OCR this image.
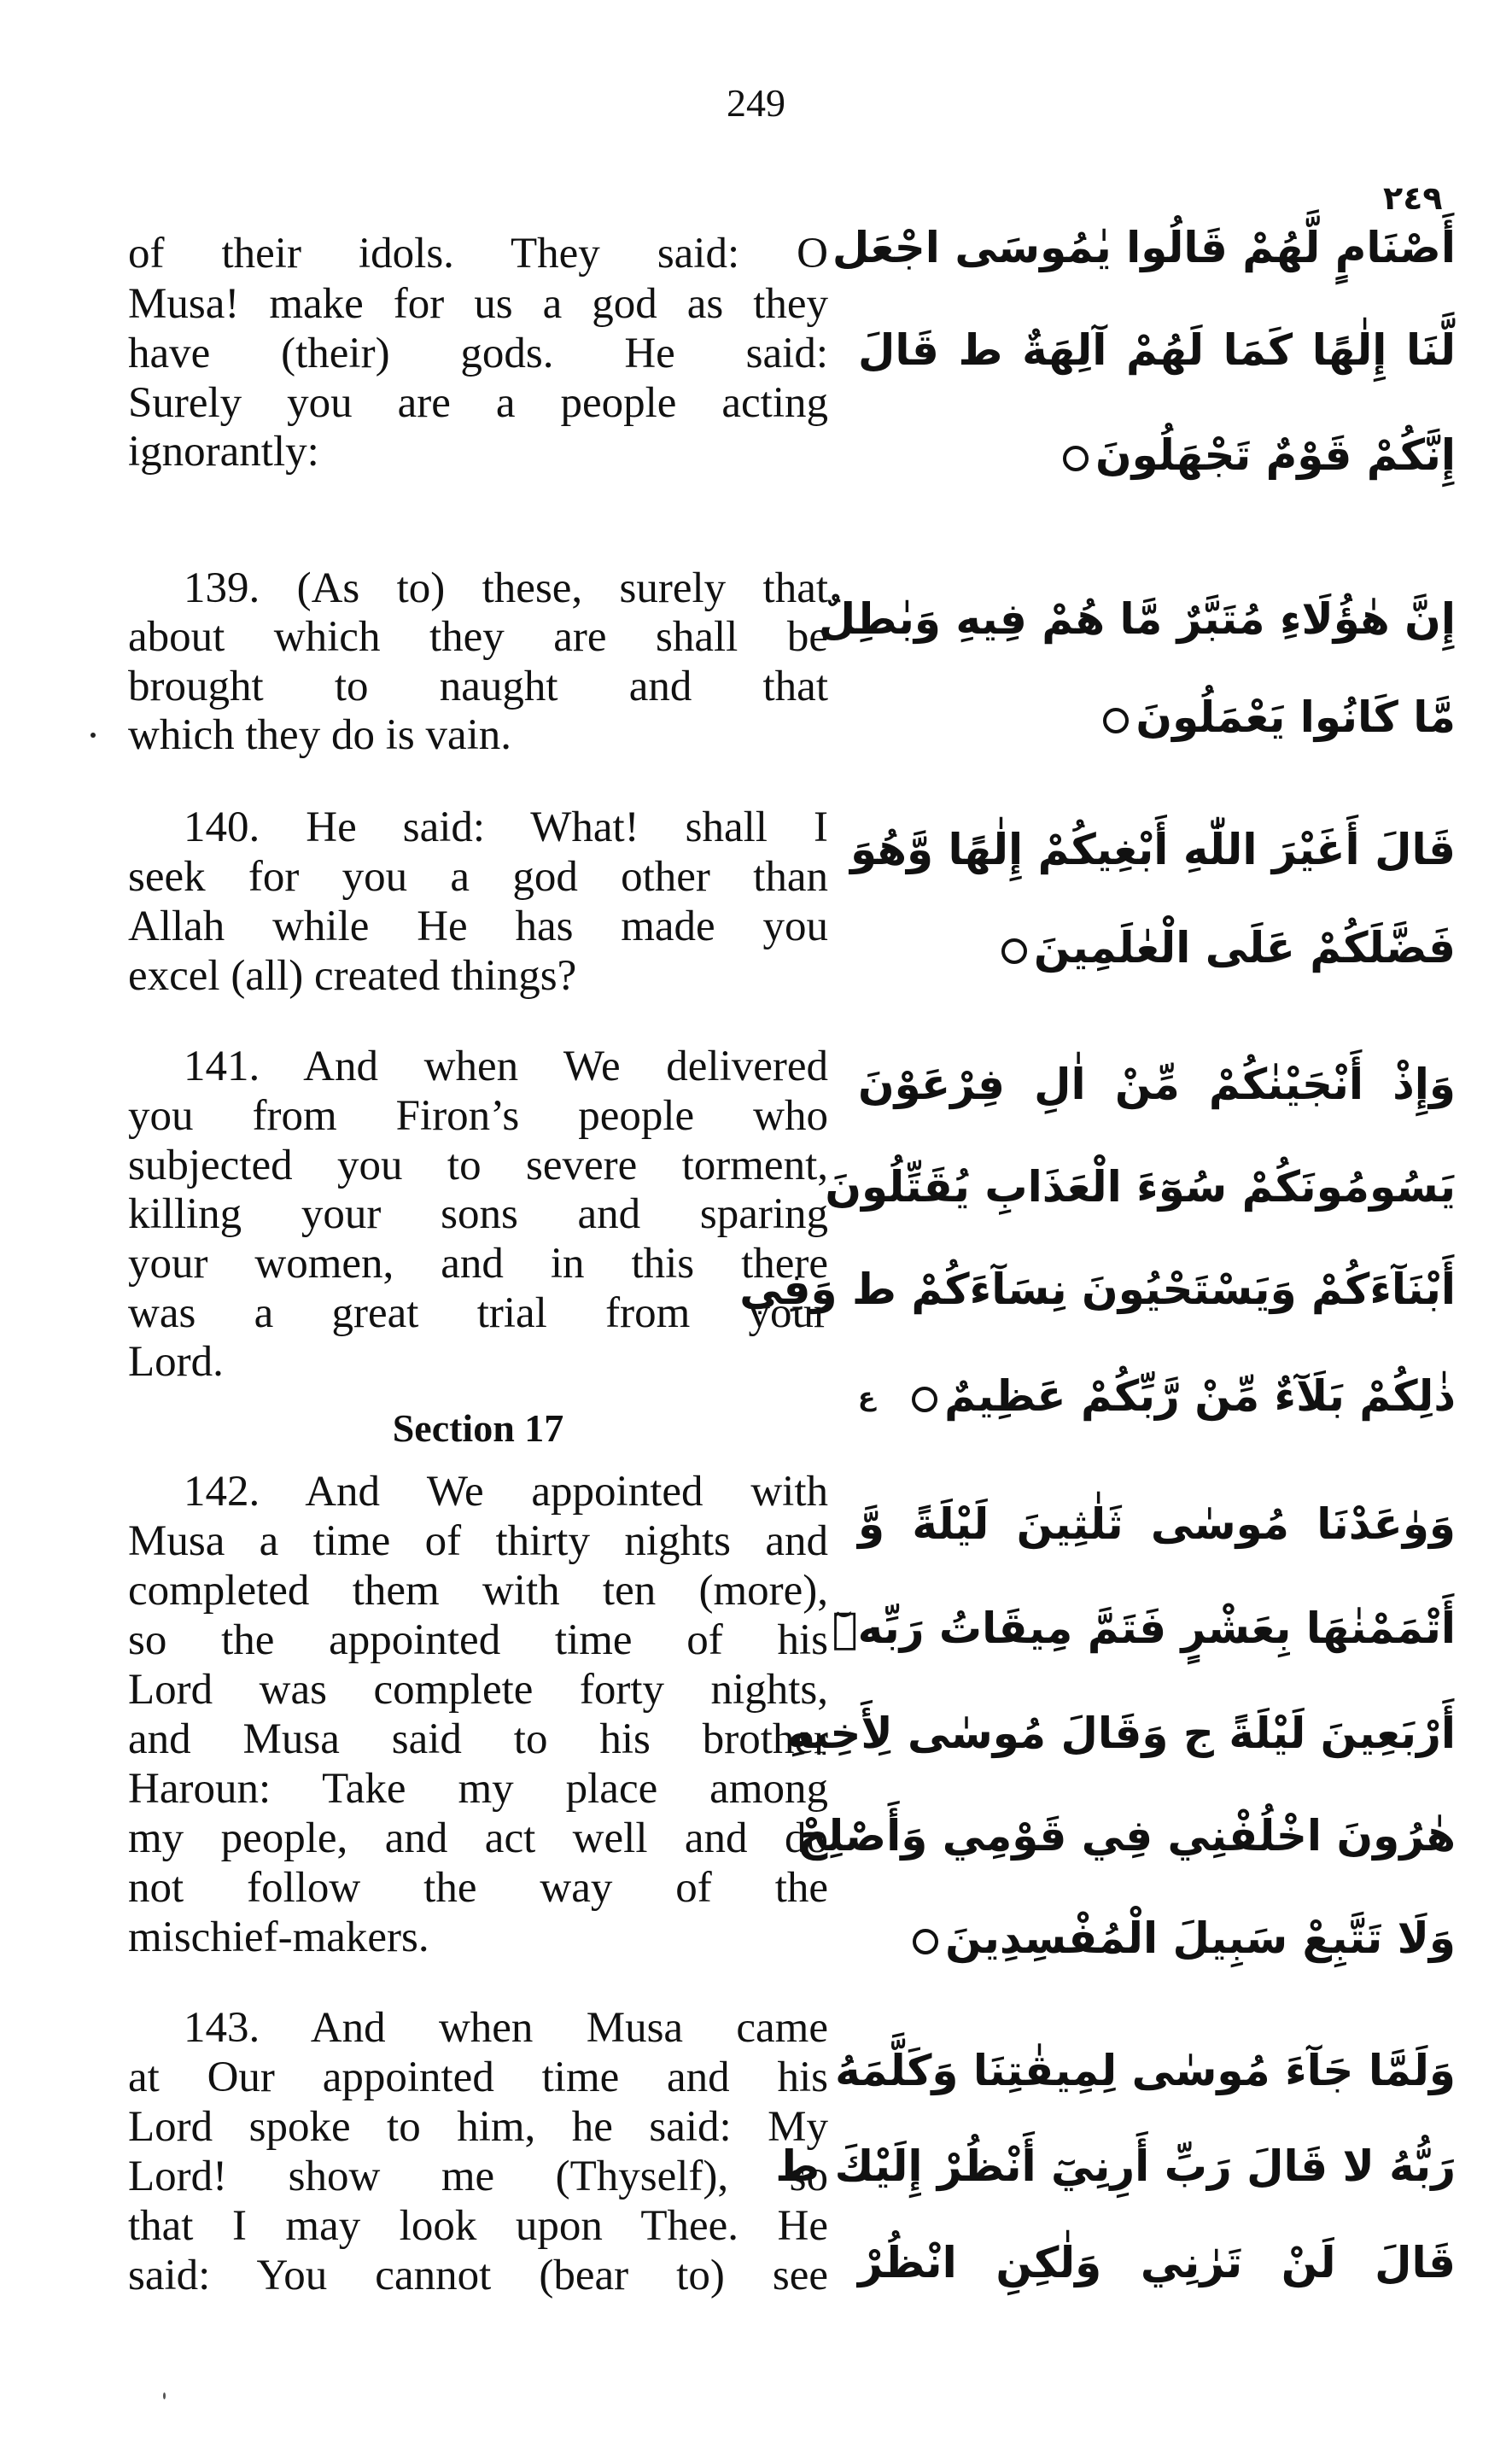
249
٢٤٩
of their idols. They said: O
Musa! make for us a god as they
have (their) gods. He said:
Surely you are a people acting
ignorantly:
139. (As to) these, surely that
about which they are shall be
brought to naught and that
which they do is vain.
140. He said: What! shall I
seek for you a god other than
Allah while He has made you
excel (all) created things?
141. And when We delivered
you from Firon’s people who
subjected you to severe torment,
killing your sons and sparing
your women, and in this there
was a great trial from your
Lord.
Section 17
142. And We appointed with
Musa a time of thirty nights and
completed them with ten (more),
so the appointed time of his
Lord was complete forty nights,
and Musa said to his brother
Haroun: Take my place among
my people, and act well and do
not follow the way of the
mischief-makers.
143. And when Musa came
at Our appointed time and his
Lord spoke to him, he said: My
Lord! show me (Thyself), so
that I may look upon Thee. He
said: You cannot (bear to) see
أَصْنَامٍ لَّهُمْ قَالُوا يٰمُوسَى اجْعَل
لَّنَا إِلٰهًا كَمَا لَهُمْ آلِهَةٌ ط قَالَ
إِنَّكُمْ قَوْمٌ تَجْهَلُونَ
إِنَّ هٰؤُلَاءِ مُتَبَّرٌ مَّا هُمْ فِيهِ وَبٰطِلٌ
مَّا كَانُوا يَعْمَلُونَ
قَالَ أَغَيْرَ اللّٰهِ أَبْغِيكُمْ إِلٰهًا وَّهُوَ
فَضَّلَكُمْ عَلَى الْعٰلَمِينَ
وَإِذْ أَنْجَيْنٰكُمْ مِّنْ اٰلِ فِرْعَوْنَ
يَسُومُونَكُمْ سُوٓءَ الْعَذَابِ يُقَتِّلُونَ
أَبْنَآءَكُمْ وَيَسْتَحْيُونَ نِسَآءَكُمْ ط وَفِي
ذٰلِكُمْ بَلَآءٌ مِّنْ رَّبِّكُمْ عَظِيمٌ
ع
وَوٰعَدْنَا مُوسٰى ثَلٰثِينَ لَيْلَةً وَّ
أَتْمَمْنٰهَا بِعَشْرٍ فَتَمَّ مِيقَاتُ رَبِّهٖٓ
أَرْبَعِينَ لَيْلَةً ج وَقَالَ مُوسٰى لِأَخِيهِ
هٰرُونَ اخْلُفْنِي فِي قَوْمِي وَأَصْلِحْ
وَلَا تَتَّبِعْ سَبِيلَ الْمُفْسِدِينَ
وَلَمَّا جَآءَ مُوسٰى لِمِيقٰتِنَا وَكَلَّمَهُ
رَبُّهُ لا قَالَ رَبِّ أَرِنِيٓ أَنْظُرْ إِلَيْكَ ط
قَالَ لَنْ تَرٰنِي وَلٰكِنِ انْظُرْ
